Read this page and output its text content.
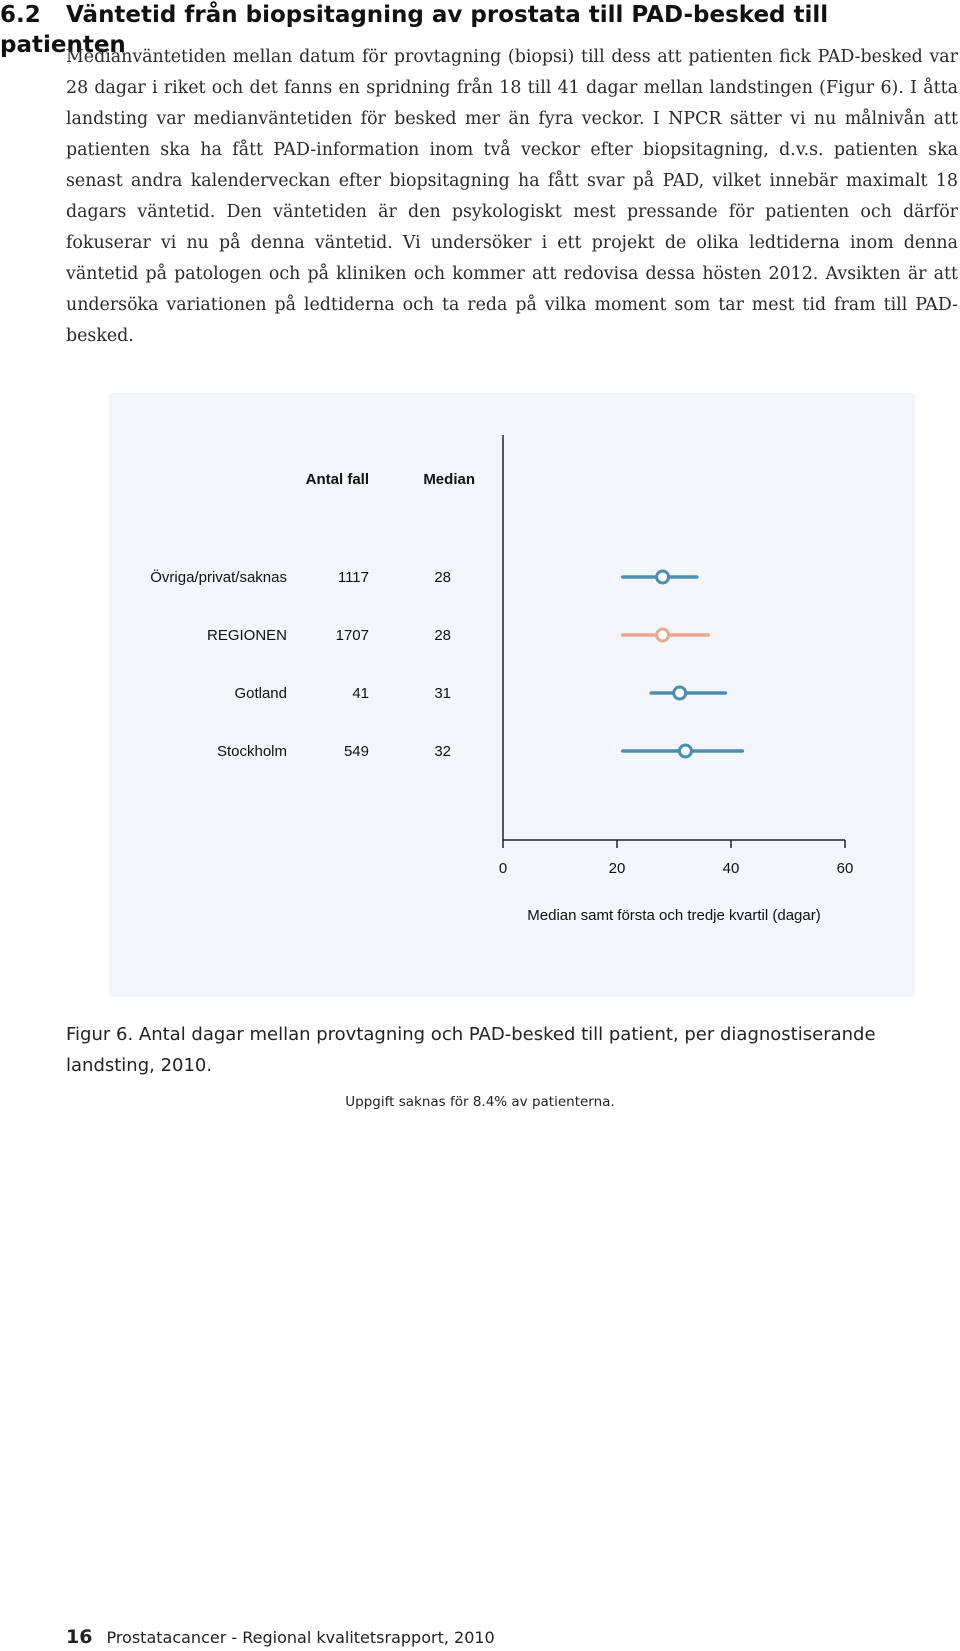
6.2 Väntetid från biopsitagning av prostata till PAD-besked till patienten

Medianväntetiden mellan datum för provtagning (biopsi) till dess att patienten fick PAD-besked var 28 dagar i riket och det fanns en spridning från 18 till 41 dagar mellan landstingen (Figur 6). I åtta landsting var medianväntetiden för besked mer än fyra veckor. I NPCR sätter vi nu målnivån att patienten ska ha fått PAD-information inom två veckor efter biopsitagning, d.v.s. patienten ska senast andra kalenderveckan efter biopsitagning ha fått svar på PAD, vilket innebär maximalt 18 dagars väntetid. Den väntetiden är den psykologiskt mest pressande för patienten och därför fokuserar vi nu på denna väntetid. Vi undersöker i ett projekt de olika ledtiderna inom denna väntetid på patologen och på kliniken och kommer att redovisa dessa hösten 2012. Avsikten är att undersöka variationen på ledtiderna och ta reda på vilka moment som tar mest tid fram till PAD-besked.

Antal fall	Median
0	20	40	60
Övriga/privat/saknas	1117	28
REGIONEN	1707	28
Gotland	41	31
Stockholm	549	32
Median samt första och tredje kvartil (dagar)

Figur 6. Antal dagar mellan provtagning och PAD-besked till patient, per diagnostiserande landsting, 2010.

Uppgift saknas för 8.4% av patienterna.

16 Prostatacancer - Regional kvalitetsrapport, 2010
